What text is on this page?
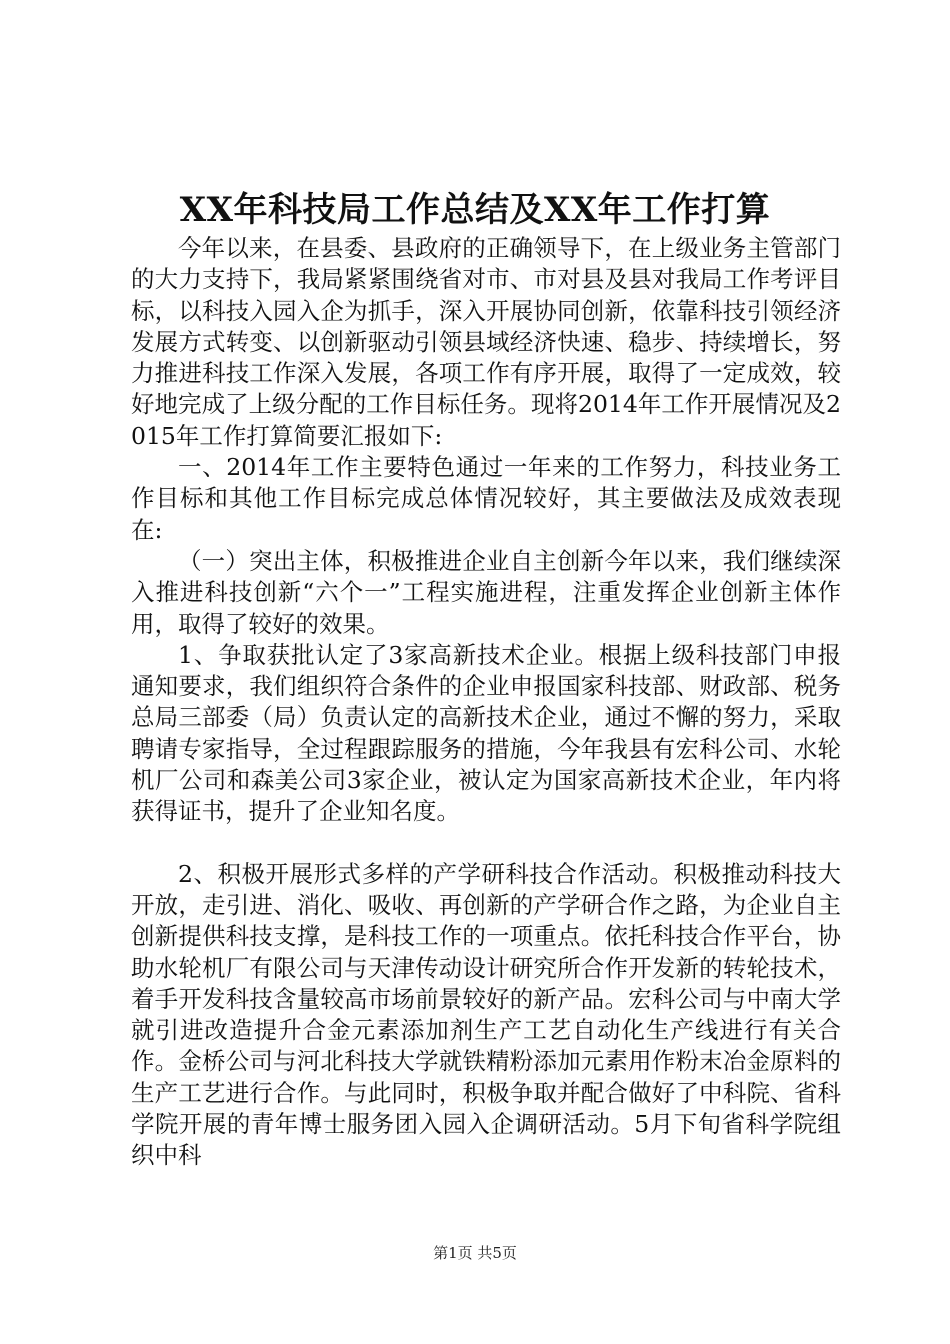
XX年科技局工作总结及XX年工作打算

今年以来，在县委、县政府的正确领导下，在上级业务主管部门的大力支持下，我局紧紧围绕省对市、市对县及县对我局工作考评目标，以科技入园入企为抓手，深入开展协同创新，依靠科技引领经济发展方式转变、以创新驱动引领县域经济快速、稳步、持续增长，努力推进科技工作深入发展，各项工作有序开展，取得了一定成效，较好地完成了上级分配的工作目标任务。现将2014年工作开展情况及2015年工作打算简要汇报如下:

一、2014年工作主要特色通过一年来的工作努力，科技业务工作目标和其他工作目标完成总体情况较好，其主要做法及成效表现在:

（一）突出主体，积极推进企业自主创新今年以来，我们继续深入推进科技创新“六个一”工程实施进程，注重发挥企业创新主体作用，取得了较好的效果。

1、争取获批认定了3家高新技术企业。根据上级科技部门申报通知要求，我们组织符合条件的企业申报国家科技部、财政部、税务总局三部委（局）负责认定的高新技术企业，通过不懈的努力，采取聘请专家指导，全过程跟踪服务的措施，今年我县有宏科公司、水轮机厂公司和森美公司3家企业，被认定为国家高新技术企业，年内将获得证书，提升了企业知名度。

2、积极开展形式多样的产学研科技合作活动。积极推动科技大开放，走引进、消化、吸收、再创新的产学研合作之路，为企业自主创新提供科技支撑，是科技工作的一项重点。依托科技合作平台，协助水轮机厂有限公司与天津传动设计研究所合作开发新的转轮技术，着手开发科技含量较高市场前景较好的新产品。宏科公司与中南大学就引进改造提升合金元素添加剂生产工艺自动化生产线进行有关合作。金桥公司与河北科技大学就铁精粉添加元素用作粉末冶金原料的生产工艺进行合作。与此同时，积极争取并配合做好了中科院、省科学院开展的青年博士服务团入园入企调研活动。5月下旬省科学院组织中科

第1页 共5页
